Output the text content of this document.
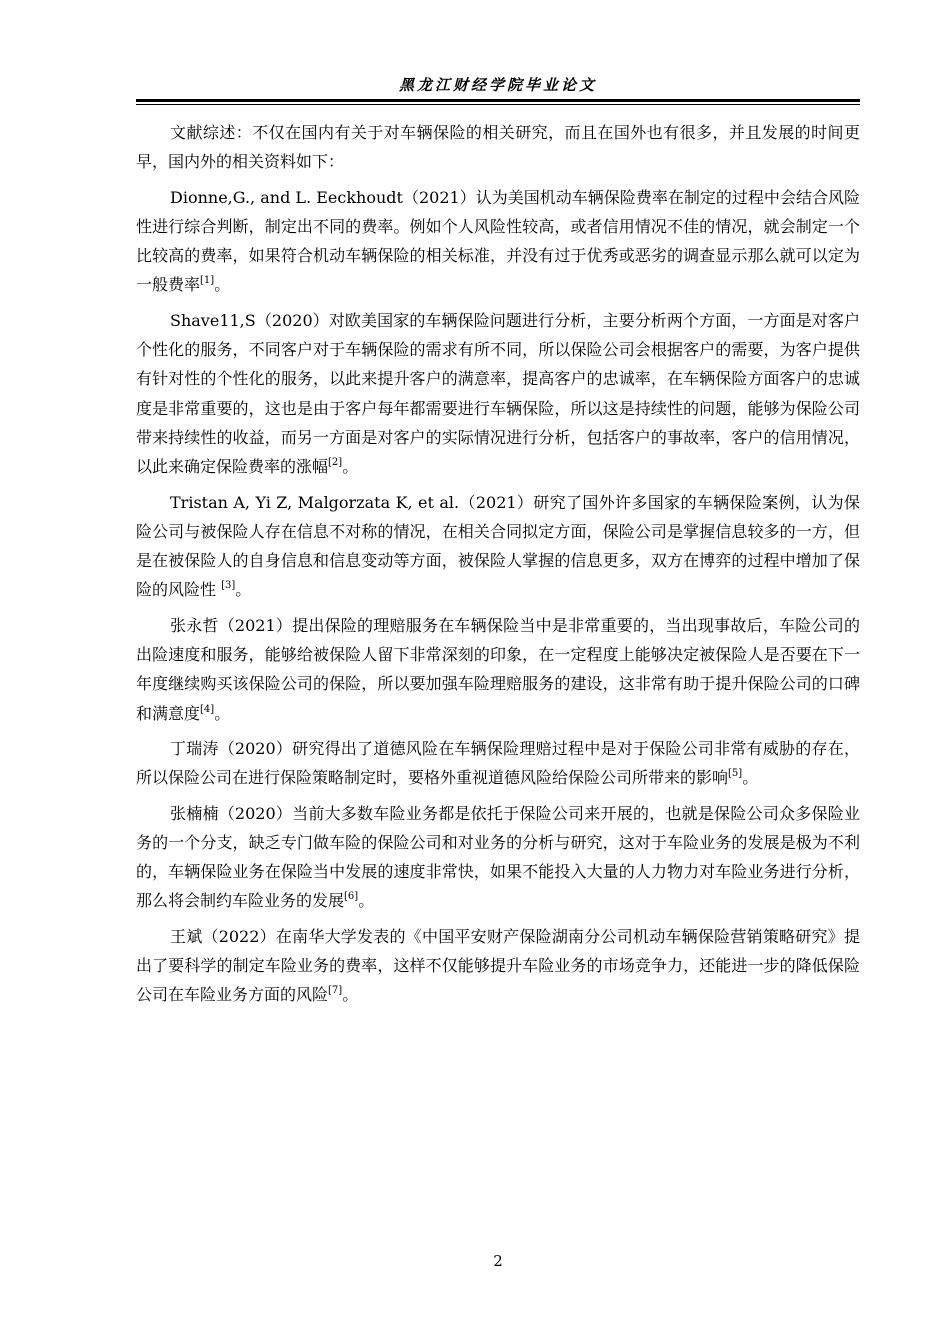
黑龙江财经学院毕业论文

文献综述：不仅在国内有关于对车辆保险的相关研究，而且在国外也有很多，并且发展的时间更早，国内外的相关资料如下：

Dionne,G., and L. Eeckhoudt（2021）认为美国机动车辆保险费率在制定的过程中会结合风险性进行综合判断，制定出不同的费率。例如个人风险性较高，或者信用情况不佳的情况，就会制定一个比较高的费率，如果符合机动车辆保险的相关标准，并没有过于优秀或恶劣的调查显示那么就可以定为一般费率[1]。

Shave11,S（2020）对欧美国家的车辆保险问题进行分析，主要分析两个方面，一方面是对客户个性化的服务，不同客户对于车辆保险的需求有所不同，所以保险公司会根据客户的需要，为客户提供有针对性的个性化的服务，以此来提升客户的满意率，提高客户的忠诚率，在车辆保险方面客户的忠诚度是非常重要的，这也是由于客户每年都需要进行车辆保险，所以这是持续性的问题，能够为保险公司带来持续性的收益，而另一方面是对客户的实际情况进行分析，包括客户的事故率，客户的信用情况，以此来确定保险费率的涨幅[2]。

Tristan A, Yi Z, Malgorzata K, et al.（2021）研究了国外许多国家的车辆保险案例，认为保险公司与被保险人存在信息不对称的情况，在相关合同拟定方面，保险公司是掌握信息较多的一方，但是在被保险人的自身信息和信息变动等方面，被保险人掌握的信息更多，双方在博弈的过程中增加了保险的风险性 [3]。

张永哲（2021）提出保险的理赔服务在车辆保险当中是非常重要的，当出现事故后，车险公司的出险速度和服务，能够给被保险人留下非常深刻的印象，在一定程度上能够决定被保险人是否要在下一年度继续购买该保险公司的保险，所以要加强车险理赔服务的建设，这非常有助于提升保险公司的口碑和满意度[4]。

丁瑞涛（2020）研究得出了道德风险在车辆保险理赔过程中是对于保险公司非常有威胁的存在，所以保险公司在进行保险策略制定时，要格外重视道德风险给保险公司所带来的影响[5]。

张楠楠（2020）当前大多数车险业务都是依托于保险公司来开展的，也就是保险公司众多保险业务的一个分支，缺乏专门做车险的保险公司和对业务的分析与研究，这对于车险业务的发展是极为不利的，车辆保险业务在保险当中发展的速度非常快，如果不能投入大量的人力物力对车险业务进行分析，那么将会制约车险业务的发展[6]。

王斌（2022）在南华大学发表的《中国平安财产保险湖南分公司机动车辆保险营销策略研究》提出了要科学的制定车险业务的费率，这样不仅能够提升车险业务的市场竞争力，还能进一步的降低保险公司在车险业务方面的风险[7]。

2
